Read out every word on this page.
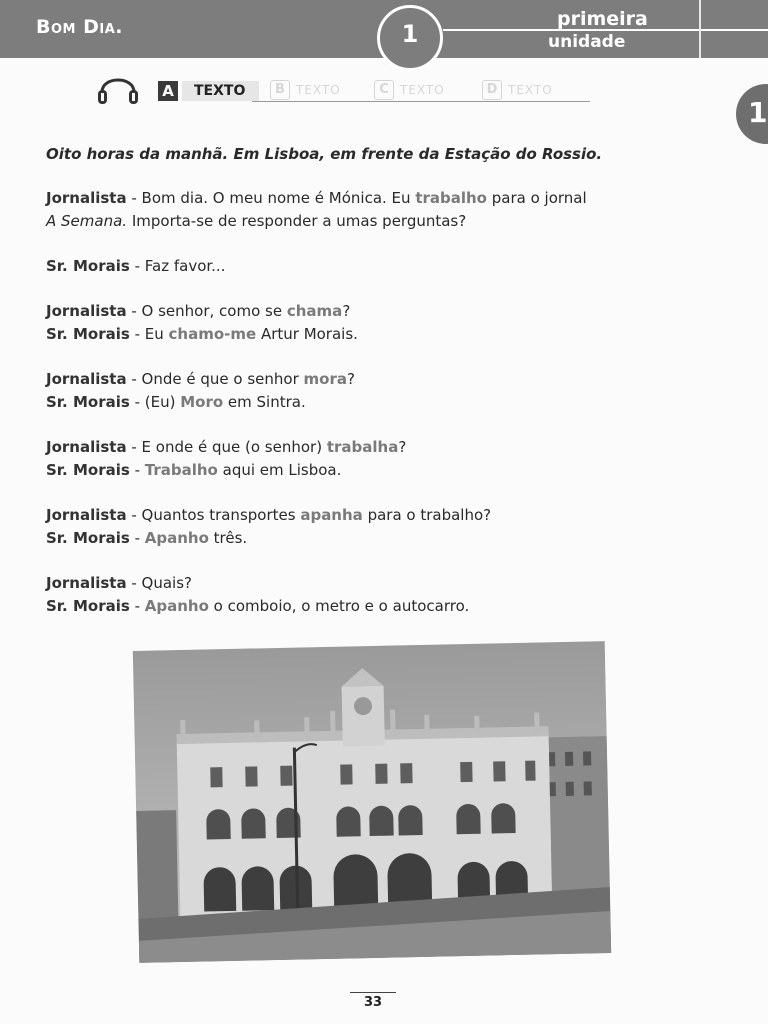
Bom Dia.	primeira
unidade
1
1
A	TEXTO	B TEXTO	C TEXTO	D TEXTO
Oito horas da manhã. Em Lisboa, em frente da Estação do Rossio.
Jornalista - Bom dia. O meu nome é Mónica. Eu trabalho para o jornal
A Semana. Importa-se de responder a umas perguntas?
Sr. Morais - Faz favor...
Jornalista - O senhor, como se chama?
Sr. Morais - Eu chamo-me Artur Morais.
Jornalista - Onde é que o senhor mora?
Sr. Morais - (Eu) Moro em Sintra.
Jornalista - E onde é que (o senhor) trabalha?
Sr. Morais - Trabalho aqui em Lisboa.
Jornalista - Quantos transportes apanha para o trabalho?
Sr. Morais - Apanho três.
Jornalista - Quais?
Sr. Morais - Apanho o comboio, o metro e o autocarro.
33
